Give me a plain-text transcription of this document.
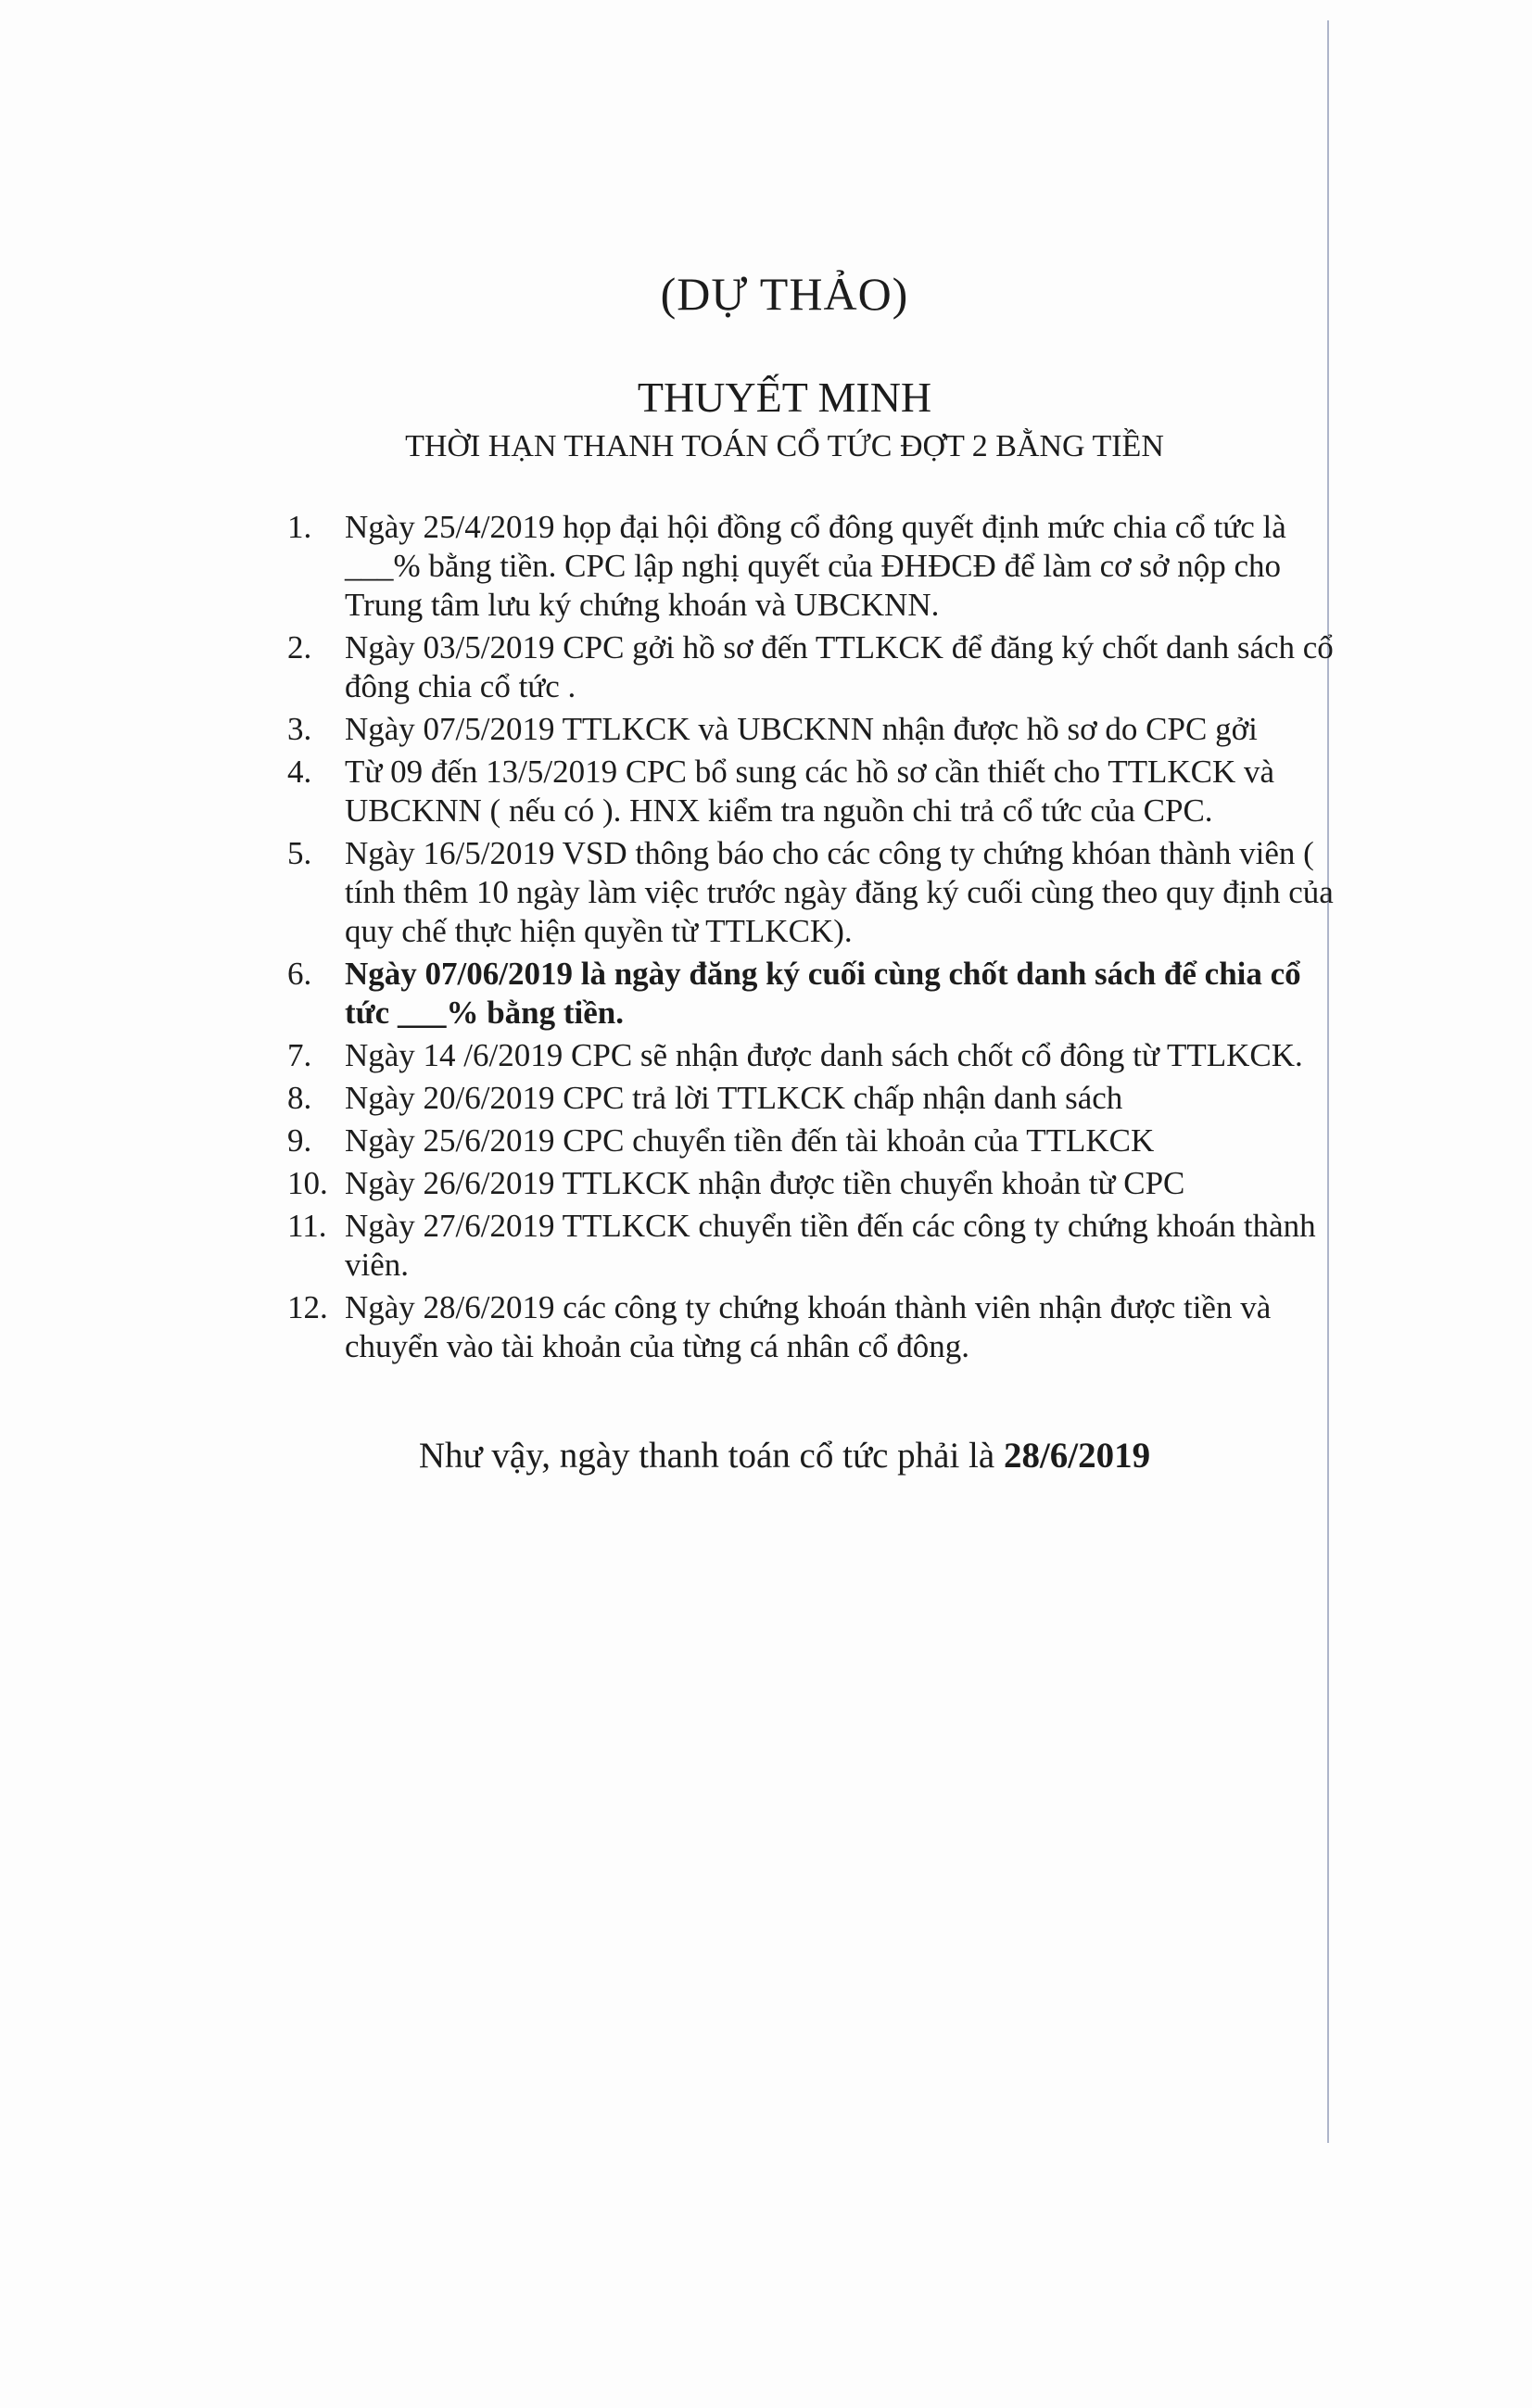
(DỰ THẢO)
THUYẾT MINH
THỜI HẠN THANH TOÁN CỔ TỨC ĐỢT 2 BẰNG TIỀN
1.	Ngày 25/4/2019 họp đại hội đồng cổ đông quyết định mức chia cổ tức là ___% bằng tiền. CPC lập nghị quyết của ĐHĐCĐ để làm cơ sở nộp cho Trung tâm lưu ký chứng khoán và UBCKNN.
2.	Ngày 03/5/2019 CPC gởi hồ sơ đến TTLKCK để đăng ký chốt danh sách cổ đông chia cổ tức .
3.	Ngày 07/5/2019 TTLKCK và UBCKNN nhận được hồ sơ do CPC gởi
4.	Từ 09 đến 13/5/2019 CPC bổ sung các hồ sơ cần thiết cho TTLKCK và UBCKNN ( nếu có ). HNX kiểm tra nguồn chi trả cổ tức của CPC.
5.	Ngày 16/5/2019 VSD thông báo cho các công ty chứng khóan thành viên ( tính thêm 10 ngày làm việc trước ngày đăng ký cuối cùng theo quy định của quy chế thực hiện quyền từ TTLKCK).
6.	Ngày 07/06/2019 là ngày đăng ký cuối cùng chốt danh sách để chia cổ tức ___% bằng tiền.
7.	Ngày 14 /6/2019 CPC sẽ nhận được danh sách chốt cổ đông từ TTLKCK.
8.	Ngày 20/6/2019 CPC trả lời TTLKCK chấp nhận danh sách
9.	Ngày 25/6/2019 CPC chuyển tiền đến tài khoản của TTLKCK
10. Ngày 26/6/2019 TTLKCK nhận được tiền chuyển khoản từ CPC
11. Ngày 27/6/2019 TTLKCK chuyển tiền đến các công ty chứng khoán thành viên.
12. Ngày 28/6/2019 các công ty chứng khoán thành viên nhận được tiền và chuyển vào tài khoản của từng cá nhân cổ đông.
Như vậy, ngày thanh toán cổ tức phải là 28/6/2019
